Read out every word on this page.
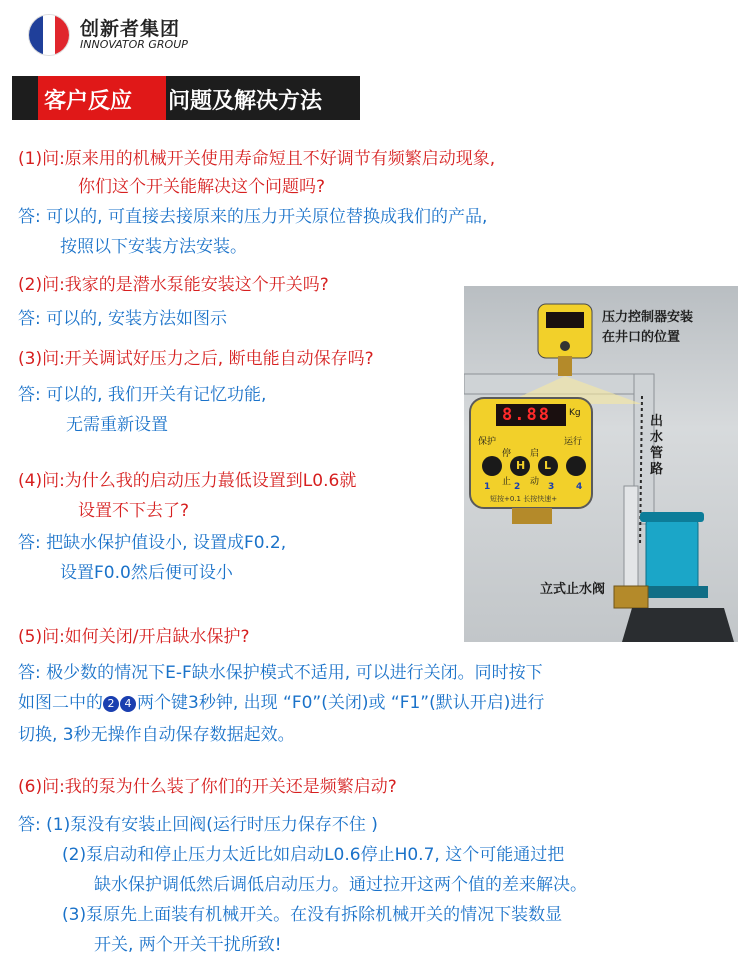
创新者集团
INNOVATOR GROUP
客户反应 问题及解决方法
(1)问:原来用的机械开关使用寿命短且不好调节有频繁启动现象,
你们这个开关能解决这个问题吗?
答: 可以的, 可直接去接原来的压力开关原位替换成我们的产品,
按照以下安装方法安装。
(2)问:我家的是潜水泵能安装这个开关吗?
答: 可以的, 安装方法如图示
(3)问:开关调试好压力之后, 断电能自动保存吗?
答: 可以的, 我们开关有记忆功能,
无需重新设置
(4)问:为什么我的启动压力蕞低设置到L0.6就
设置不下去了?
答: 把缺水保护值设小, 设置成F0.2,
设置F0.0然后便可设小
(5)问:如何关闭/开启缺水保护?
答: 极少数的情况下E-F缺水保护模式不适用, 可以进行关闭。同时按下
如图二中的 2 4 两个键3秒钟, 出现 “F0”(关闭)或 “F1”(默认开启)进行
切换, 3秒无操作自动保存数据起效。
(6)问:我的泵为什么装了你们的开关还是频繁启动?
答: (1)泵没有安装止回阀(运行时压力保存不住 )
(2)泵启动和停止压力太近比如启动L0.6停止H0.7, 这个可能通过把
缺水保护调低然后调低启动压力。通过拉开这两个值的差来解决。
(3)泵原先上面装有机械开关。在没有拆除机械开关的情况下装数显
开关, 两个开关干扰所致!
压力控制器安装
在井口的位置
出水管路
立式止水阀
8.88 Kg
保护	运行
停
止
启
动
H L
1	2	3 4
短按+0.1 长按快速+
